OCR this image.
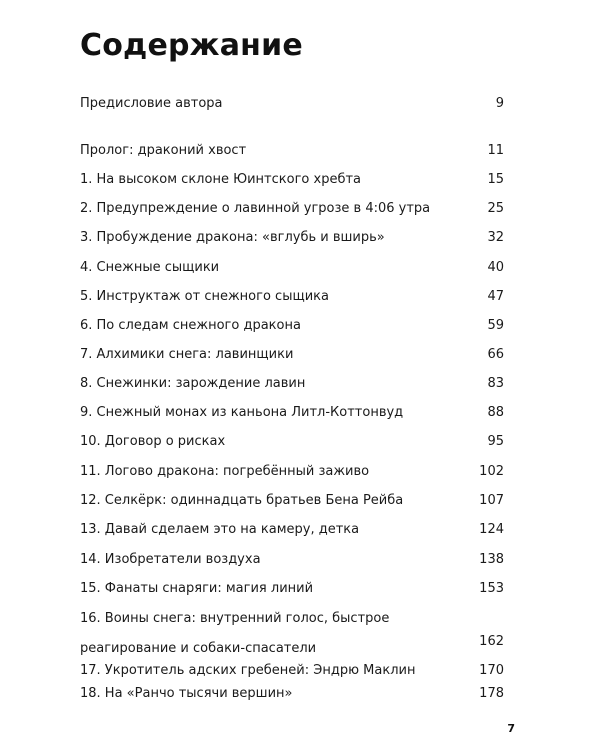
Содержание
Предисловие автора	9
Пролог: драконий хвост	11
1. На высоком склоне Юинтского хребта	15
2. Предупреждение о лавинной угрозе в 4:06 утра	25
3. Пробуждение дракона: «вглубь и вширь»	32
4. Снежные сыщики	40
5. Инструктаж от снежного сыщика	47
6. По следам снежного дракона	59
7. Алхимики снега: лавинщики	66
8. Снежинки: зарождение лавин	83
9. Снежный монах из каньона Литл-Коттонвуд	88
10. Договор о рисках	95
11. Логово дракона: погребённый заживо	102
12. Селкёрк: одиннадцать братьев Бена Рейба	107
13. Давай сделаем это на камеру, детка	124
14. Изобретатели воздуха	138
15. Фанаты снаряги: магия линий	153
16. Воины снега: внутренний голос, быстрое реагирование и собаки-спасатели	162
17. Укротитель адских гребеней: Эндрю Маклин	170
18. На «Ранчо тысячи вершин»	178
7
